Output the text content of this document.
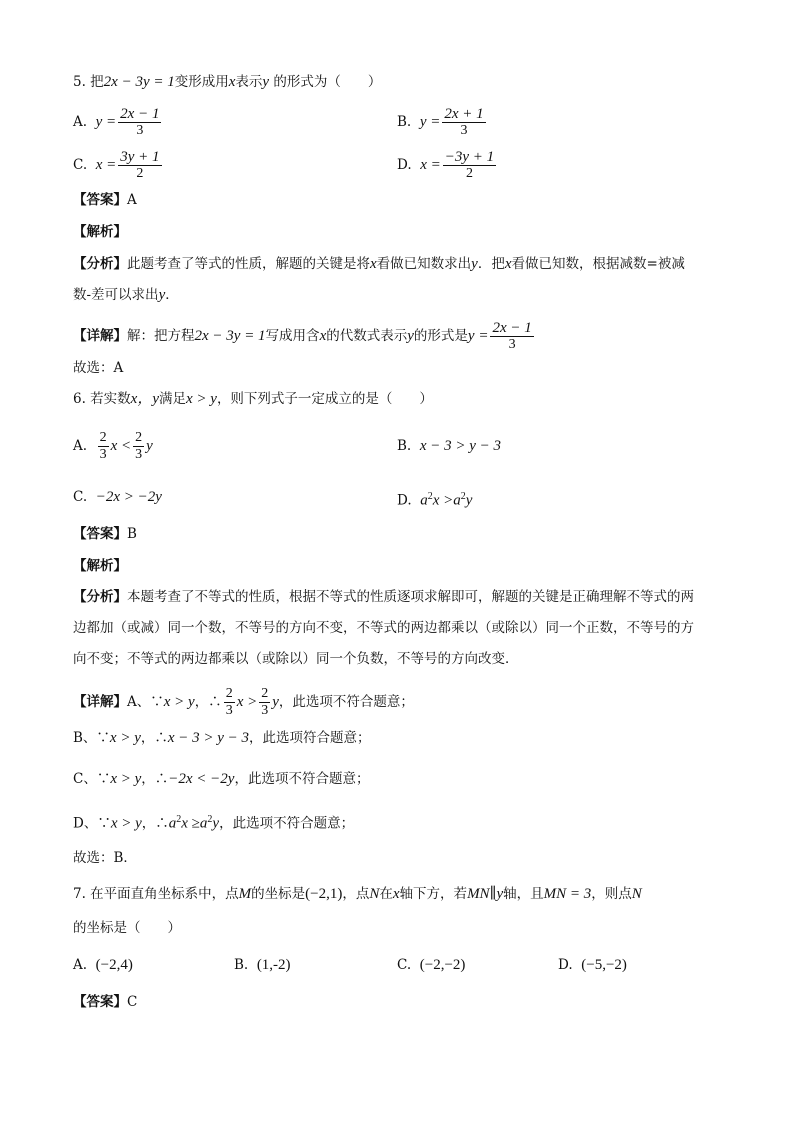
5. 把2x − 3y = 1变形成用x表示y 的形式为（　　）
A. $y = \frac{2x - 1}{3}$	B. $y = \frac{2x + 1}{3}$
C. $x = \frac{3y + 1}{2}$	D. $x = \frac{-3y + 1}{2}$
【答案】A
【解析】
【分析】此题考查了等式的性质，解题的关键是将x看做已知数求出y．把x看做已知数，根据减数=被减
数-差可以求出y．
【详解】解：把方程2x − 3y = 1写成用含x的代数式表示y的形式是$y = \frac{2x - 1}{3}$
故选：A
6. 若实数x，y满足x > y，则下列式子一定成立的是（　　）
A. $\frac{2}{3}$ $x < \frac{2}{3}$ y	B. x − 3 > y − 3
C. −2x > −2y	D. $a^2x >a^2y$
【答案】B
【解析】
【分析】本题考查了不等式的性质，根据不等式的性质逐项求解即可，解题的关键是正确理解不等式的两
边都加（或减）同一个数，不等号的方向不变，不等式的两边都乘以（或除以）同一个正数，不等号的方
向不变；不等式的两边都乘以（或除以）同一个负数，不等号的方向改变．
【详解】A、∵x > y，∴ $\frac{2}{3}$ $x > \frac{2}{3}$ y，此选项不符合题意；
B、∵x > y，∴x − 3 > y − 3，此选项符合题意；
C、∵x > y，∴−2x < −2y，此选项不符合题意；
D、∵x > y，$\therefore a^2x \ge a^2y$，此选项不符合题意；
故选：B．
7. 在平面直角坐标系中，点M的坐标是(−2,1)，点N在x轴下方，若MN∥y轴，且MN = 3，则点N
的坐标是（　　）
A. (−2,4)	B. (1,-2)	C. (−2,−2)	D. (−5,−2)
【答案】C
